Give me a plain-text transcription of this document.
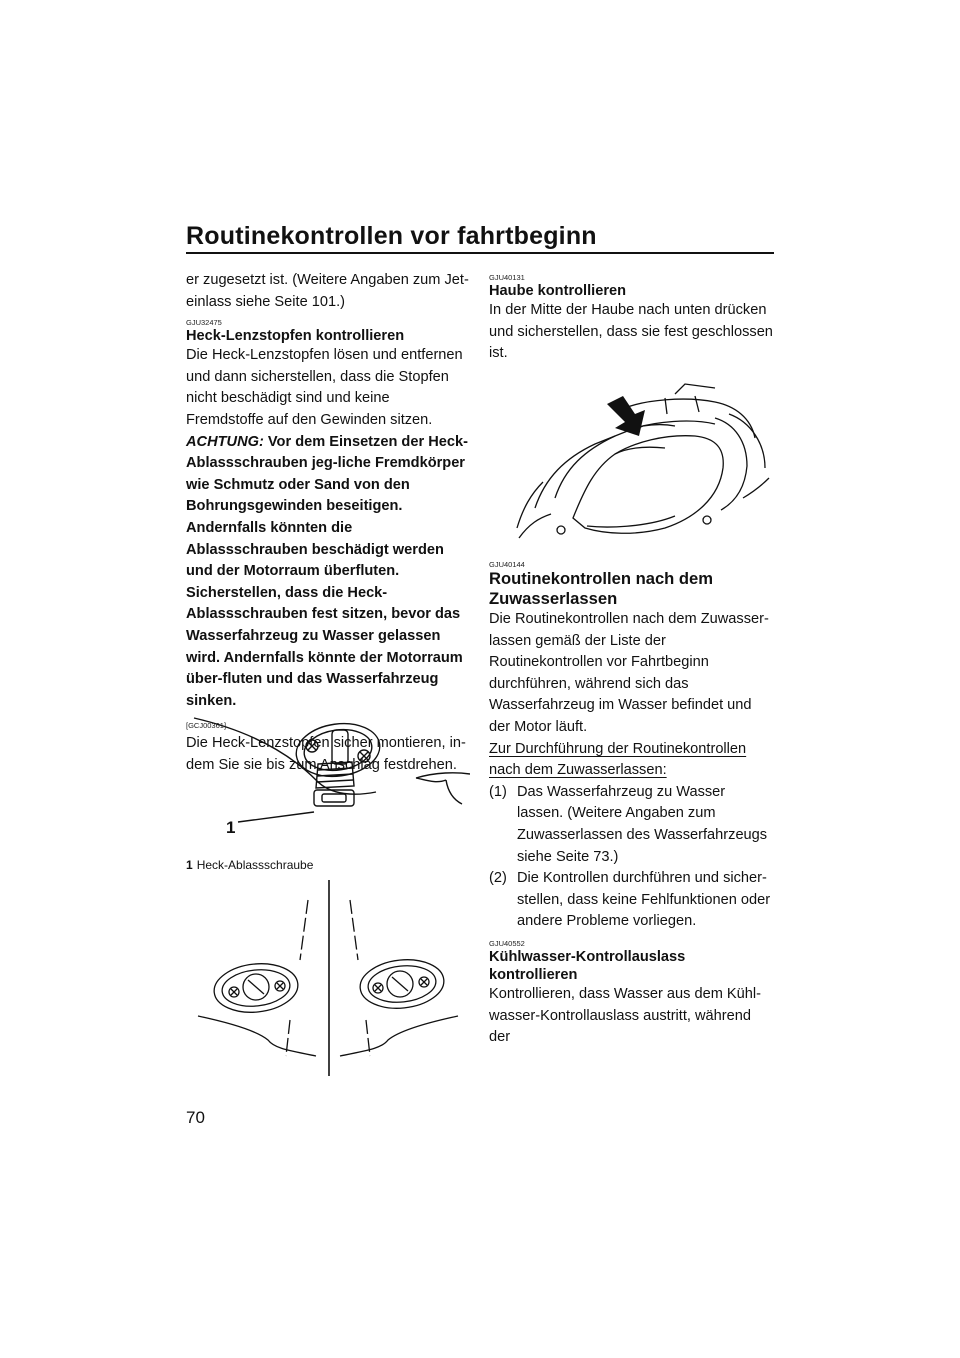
Routinekontrollen vor fahrtbeginn

er zugesetzt ist. (Weitere Angaben zum Jet-einlass siehe Seite 101.)

GJU32475
Heck-Lenzstopfen kontrollieren

Die Heck-Lenzstopfen lösen und entfernen und dann sicherstellen, dass die Stopfen nicht beschädigt sind und keine Fremdstoffe auf den Gewinden sitzen. ACHTUNG: Vor dem Einsetzen der Heck-Ablassschrauben jeg-liche Fremdkörper wie Schmutz oder Sand von den Bohrungsgewinden beseitigen. Andernfalls könnten die Ablassschrauben beschädigt werden und der Motorraum überfluten. Sicherstellen, dass die Heck-Ablassschrauben fest sitzen, bevor das Wasserfahrzeug zu Wasser gelassen wird. Andernfalls könnte der Motorraum über-fluten und das Wasserfahrzeug sinken.

[GCJ00361]

Die Heck-Lenzstopfen sicher montieren, in-dem Sie sie bis zum Anschlag festdrehen.

1
1 Heck-Ablassschraube
GJU40131
Haube kontrollieren

In der Mitte der Haube nach unten drücken und sicherstellen, dass sie fest geschlossen ist.

GJU40144
Routinekontrollen nach dem Zuwasserlassen

Die Routinekontrollen nach dem Zuwasser-lassen gemäß der Liste der Routinekontrollen vor Fahrtbeginn durchführen, während sich das Wasserfahrzeug im Wasser befindet und der Motor läuft.

Zur Durchführung der Routinekontrollen nach dem Zuwasserlassen:

(1) Das Wasserfahrzeug zu Wasser lassen. (Weitere Angaben zum Zuwasserlassen des Wasserfahrzeugs siehe Seite 73.)
(2) Die Kontrollen durchführen und sicher-stellen, dass keine Fehlfunktionen oder andere Probleme vorliegen.
GJU40552
Kühlwasser-Kontrollauslass kontrollieren

Kontrollieren, dass Wasser aus dem Kühl-wasser-Kontrollauslass austritt, während der

70
